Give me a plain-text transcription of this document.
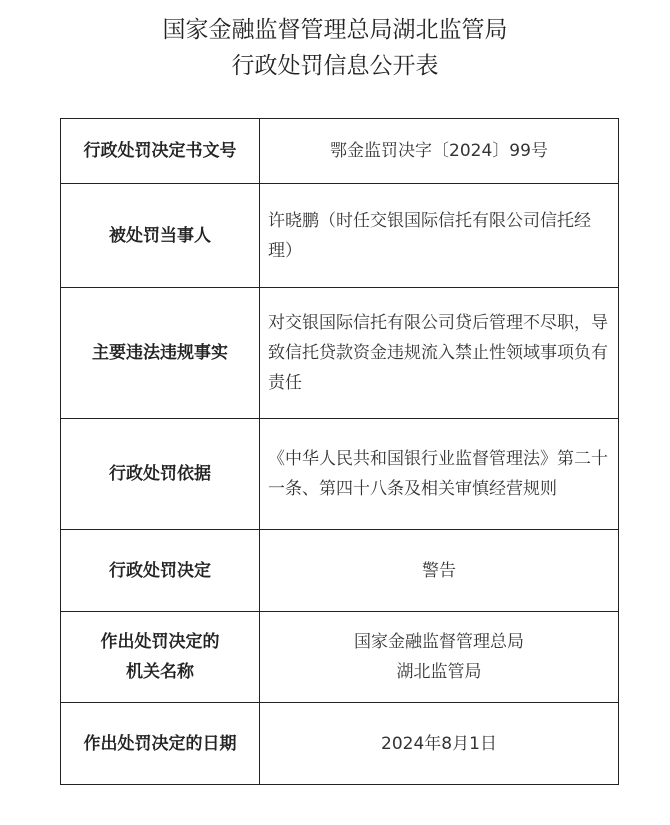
国家金融监督管理总局湖北监管局
行政处罚信息公开表
行政处罚决定书文号	鄂金监罚决字〔2024〕99号
被处罚当事人	许晓鹏（时任交银国际信托有限公司信托经理）
主要违法违规事实	对交银国际信托有限公司贷后管理不尽职，导致信托贷款资金违规流入禁止性领域事项负有责任
行政处罚依据	《中华人民共和国银行业监督管理法》第二十一条、第四十八条及相关审慎经营规则
行政处罚决定	警告

作出处罚决定的
机关名称	国家金融监督管理总局
湖北监管局

作出处罚决定的日期	2024年8月1日
